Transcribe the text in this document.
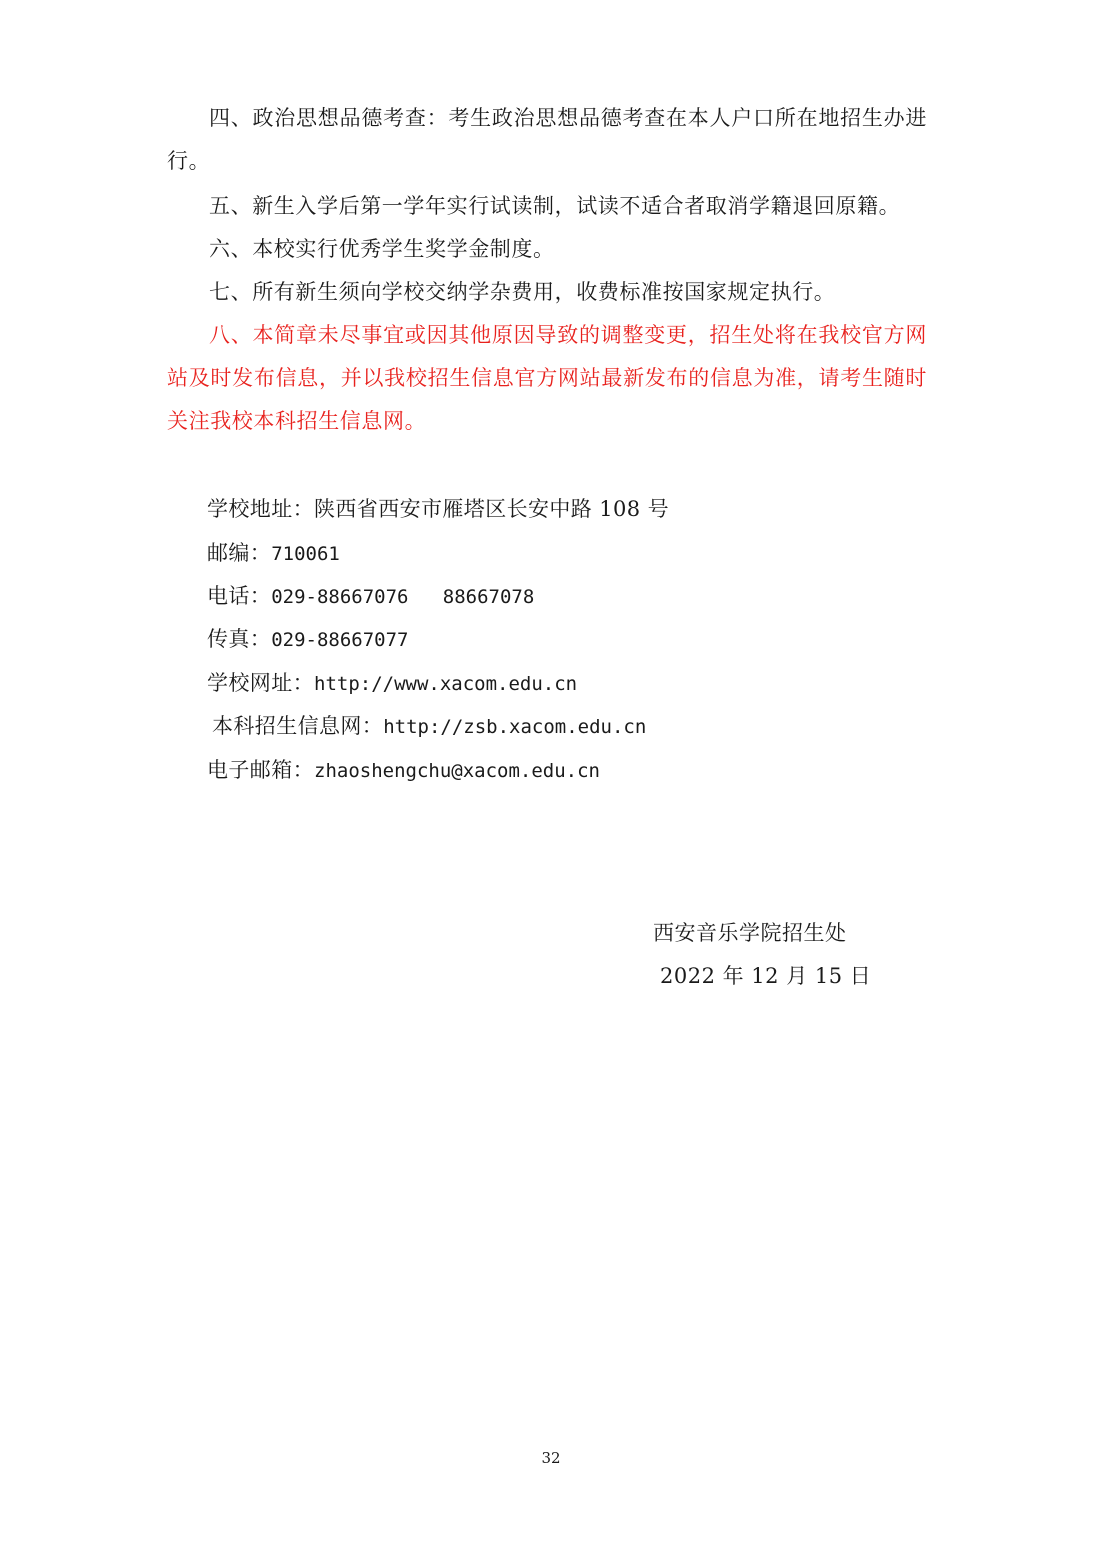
四、政治思想品德考查：考生政治思想品德考查在本人户口所在地招生办进行。

五、新生入学后第一学年实行试读制，试读不适合者取消学籍退回原籍。

六、本校实行优秀学生奖学金制度。

七、所有新生须向学校交纳学杂费用，收费标准按国家规定执行。

八、本简章未尽事宜或因其他原因导致的调整变更，招生处将在我校官方网站及时发布信息，并以我校招生信息官方网站最新发布的信息为准，请考生随时关注我校本科招生信息网。

学校地址：陕西省西安市雁塔区长安中路 108 号

邮编：710061

电话：029-88667076   88667078

传真：029-88667077

学校网址：http://www.xacom.edu.cn

本科招生信息网：http://zsb.xacom.edu.cn

电子邮箱：zhaoshengchu@xacom.edu.cn

西安音乐学院招生处

2022 年 12 月 15 日

32
